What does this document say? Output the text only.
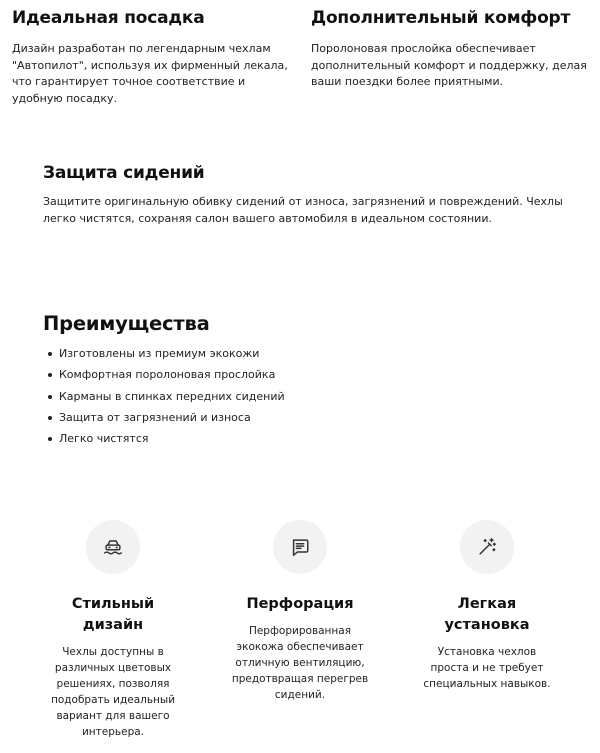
Идеальная посадка

Дизайн разработан по легендарным чехлам "Автопилот", используя их фирменный лекала, что гарантирует точное соответствие и удобную посадку.

Дополнительный комфорт

Поролоновая прослойка обеспечивает дополнительный комфорт и поддержку, делая ваши поездки более приятными.

Защита сидений

Защитите оригинальную обивку сидений от износа, загрязнений и повреждений. Чехлы легко чистятся, сохраняя салон вашего автомобиля в идеальном состоянии.

Преимущества
Изготовлены из премиум экокожи
Комфортная поролоновая прослойка
Карманы в спинках передних сидений
Защита от загрязнений и износа
Легко чистятся
Стильный дизайн

Чехлы доступны в различных цветовых решениях, позволяя подобрать идеальный вариант для вашего интерьера.

Перфорация

Перфорированная экокожа обеспечивает отличную вентиляцию, предотвращая перегрев сидений.

Легкая установка

Установка чехлов проста и не требует специальных навыков.
